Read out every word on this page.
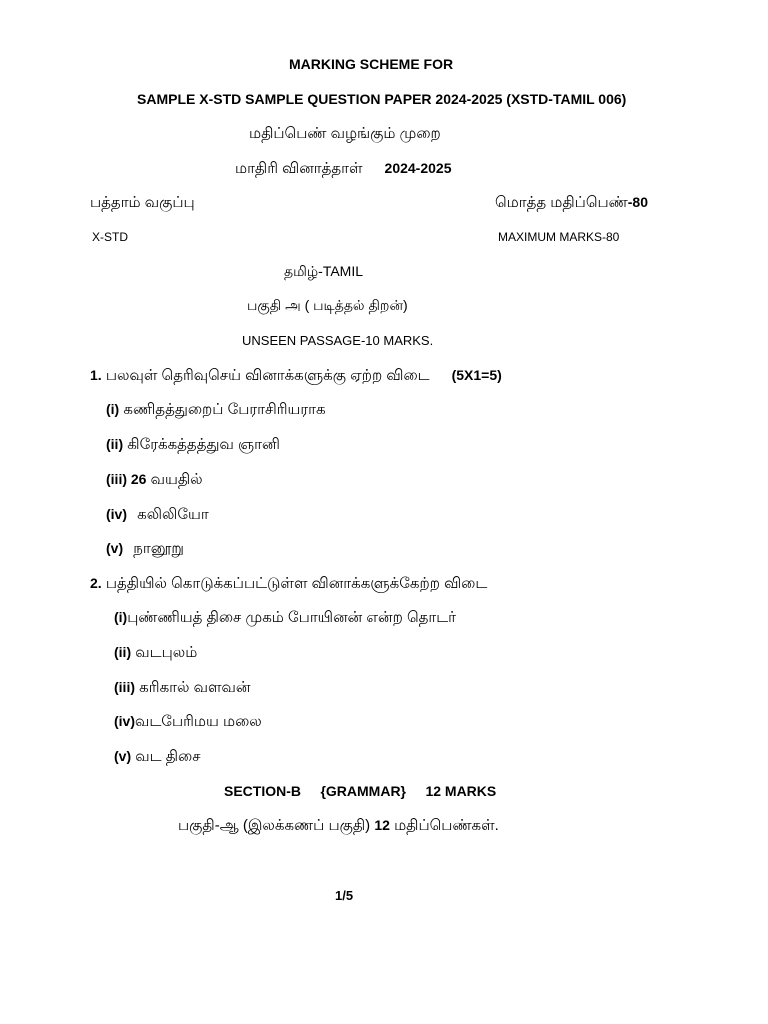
MARKING SCHEME FOR
SAMPLE X-STD SAMPLE QUESTION PAPER 2024-2025 (XSTD-TAMIL 006)
மதிப்பெண் வழங்கும் முறை
மாதிரி வினாத்தாள் 2024-2025
பத்தாம் வகுப்பு	மொத்த மதிப்பெண்-80
X-STD	MAXIMUM MARKS-80
தமிழ்-TAMIL
பகுதி அ ( படித்தல் திறன்)
UNSEEN PASSAGE-10 MARKS.
1. பலவுள் தெரிவுசெய் வினாக்களுக்கு ஏற்ற விடை (5X1=5)
(i) கணிதத்துறைப் பேராசிரியராக
(ii) கிரேக்கத்தத்துவ ஞானி
(iii) 26 வயதில்
(iv) கலிலியோ
(v) நானூறு
2. பத்தியில் கொடுக்கப்பட்டுள்ள வினாக்களுக்கேற்ற விடை
(i)புண்ணியத் திசை முகம் போயினன் என்ற தொடர்
(ii) வடபுலம்
(iii) கரிகால் வளவன்
(iv)வடபேரிமய மலை
(v) வட திசை
SECTION-B     {GRAMMAR}     12 MARKS
பகுதி-ஆ (இலக்கணப் பகுதி) 12 மதிப்பெண்கள்.
1/5
